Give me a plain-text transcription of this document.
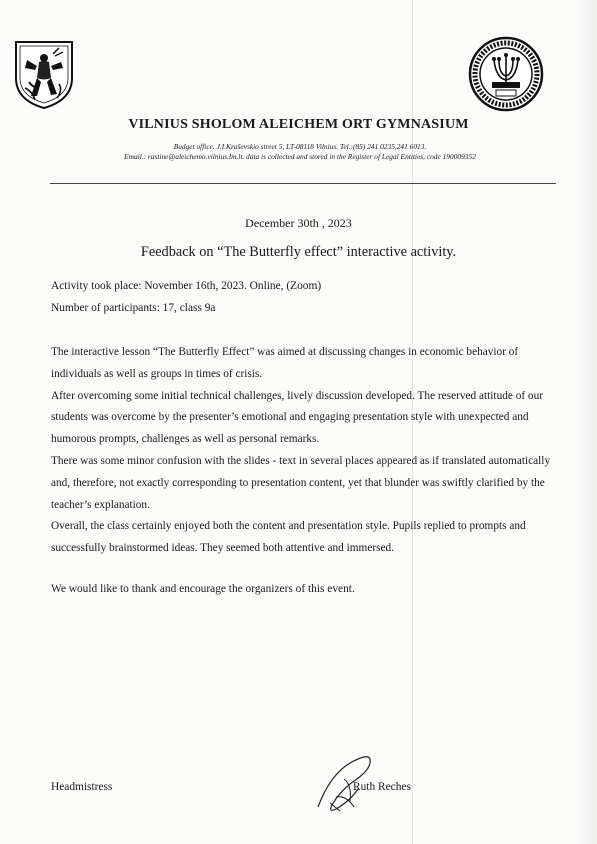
VILNIUS SHOLOM ALEICHEM ORT GYMNASIUM
Budget office. J.I.Kraševskio street 5, LT-08118 Vilnius. Tel.:(85) 241 0235,241 6013.
Email.: rastine@aleichemo.vilnius.lm.lt. data is collected and stored in the Register of Legal Entities, code 190009352
December 30th , 2023
Feedback on “The Butterfly effect” interactive activity.
Activity took place: November 16th, 2023. Online, (Zoom)
Number of participants: 17, class 9a

The interactive lesson “The Butterfly Effect” was aimed at discussing changes in economic behavior of individuals as well as groups in times of crisis.

After overcoming some initial technical challenges, lively discussion developed. The reserved attitude of our students was overcome by the presenter’s emotional and engaging presentation style with unexpected and humorous prompts, challenges as well as personal remarks.

There was some minor confusion with the slides - text in several places appeared as if translated automatically and, therefore, not exactly corresponding to presentation content, yet that blunder was swiftly clarified by the teacher’s explanation.

Overall, the class certainly enjoyed both the content and presentation style. Pupils replied to prompts and successfully brainstormed ideas. They seemed both attentive and immersed.

We would like to thank and encourage the organizers of this event.
Headmistress	Ruth Reches
